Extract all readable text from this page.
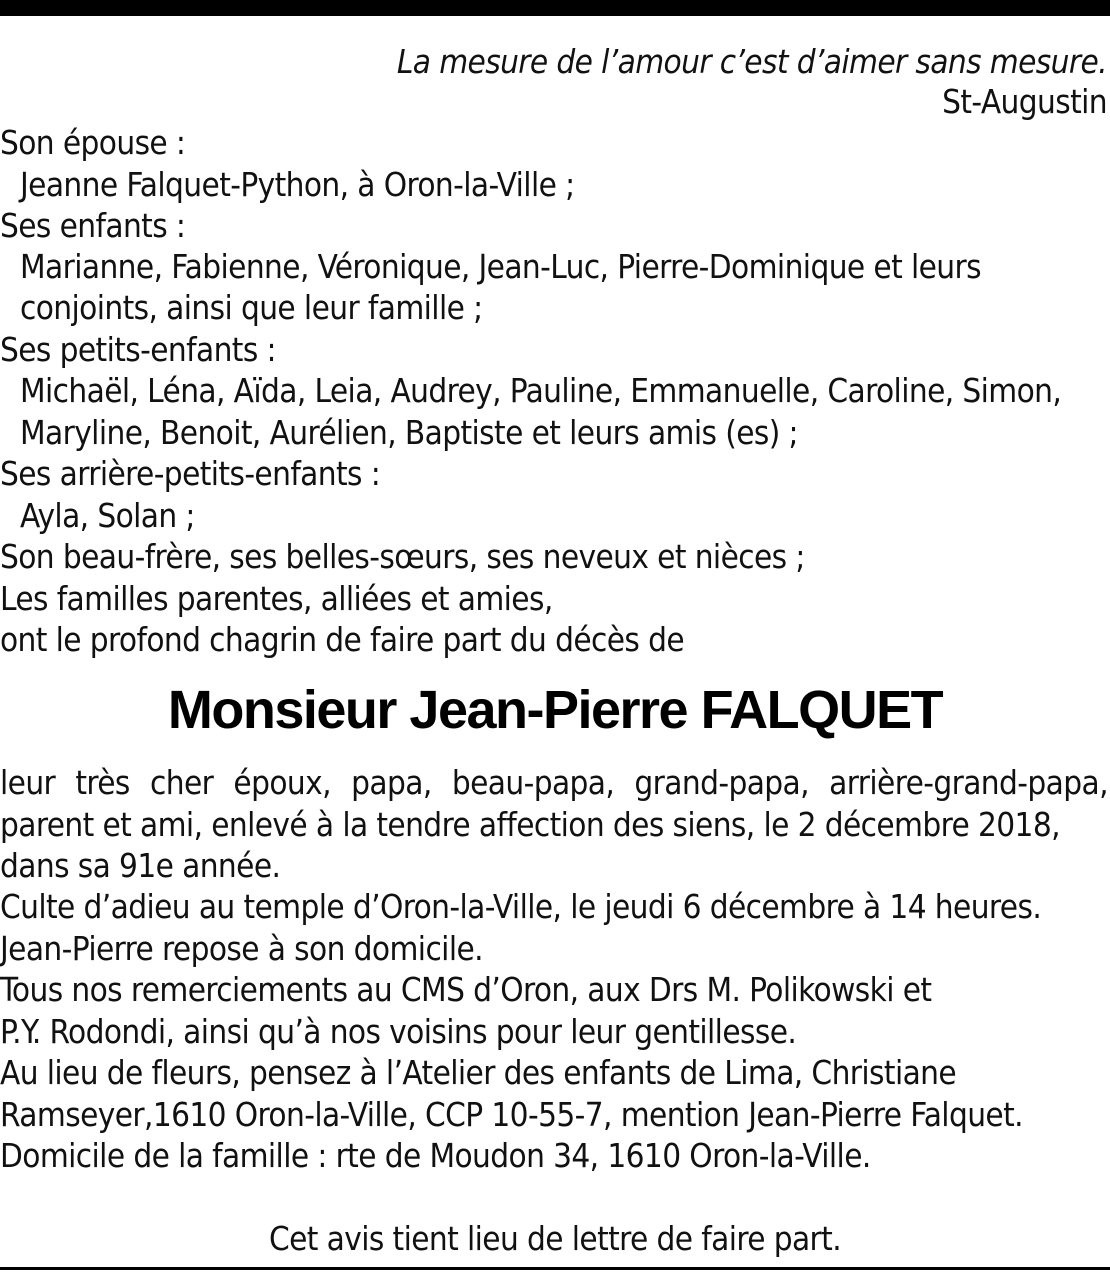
La mesure de l’amour c’est d’aimer sans mesure.
St-Augustin
Son épouse :
Jeanne Falquet-Python, à Oron-la-Ville ;
Ses enfants :
Marianne, Fabienne, Véronique, Jean-Luc, Pierre-Dominique et leurs
conjoints, ainsi que leur famille ;
Ses petits-enfants :
Michaël, Léna, Aïda, Leia, Audrey, Pauline, Emmanuelle, Caroline, Simon,
Maryline, Benoit, Aurélien, Baptiste et leurs amis (es) ;
Ses arrière-petits-enfants :
Ayla, Solan ;
Son beau-frère, ses belles-sœurs, ses neveux et nièces ;
Les familles parentes, alliées et amies,
ont le profond chagrin de faire part du décès de
Monsieur Jean-Pierre FALQUET
leur très cher époux, papa, beau-papa, grand-papa, arrière-grand-papa,
parent et ami, enlevé à la tendre affection des siens, le 2 décembre 2018,
dans sa 91e année.
Culte d’adieu au temple d’Oron-la-Ville, le jeudi 6 décembre à 14 heures.
Jean-Pierre repose à son domicile.
Tous nos remerciements au CMS d’Oron, aux Drs M. Polikowski et
P.Y. Rodondi, ainsi qu’à nos voisins pour leur gentillesse.
Au lieu de fleurs, pensez à l’Atelier des enfants de Lima, Christiane
Ramseyer,1610 Oron-la-Ville, CCP 10-55-7, mention Jean-Pierre Falquet.
Domicile de la famille : rte de Moudon 34, 1610 Oron-la-Ville.
Cet avis tient lieu de lettre de faire part.
